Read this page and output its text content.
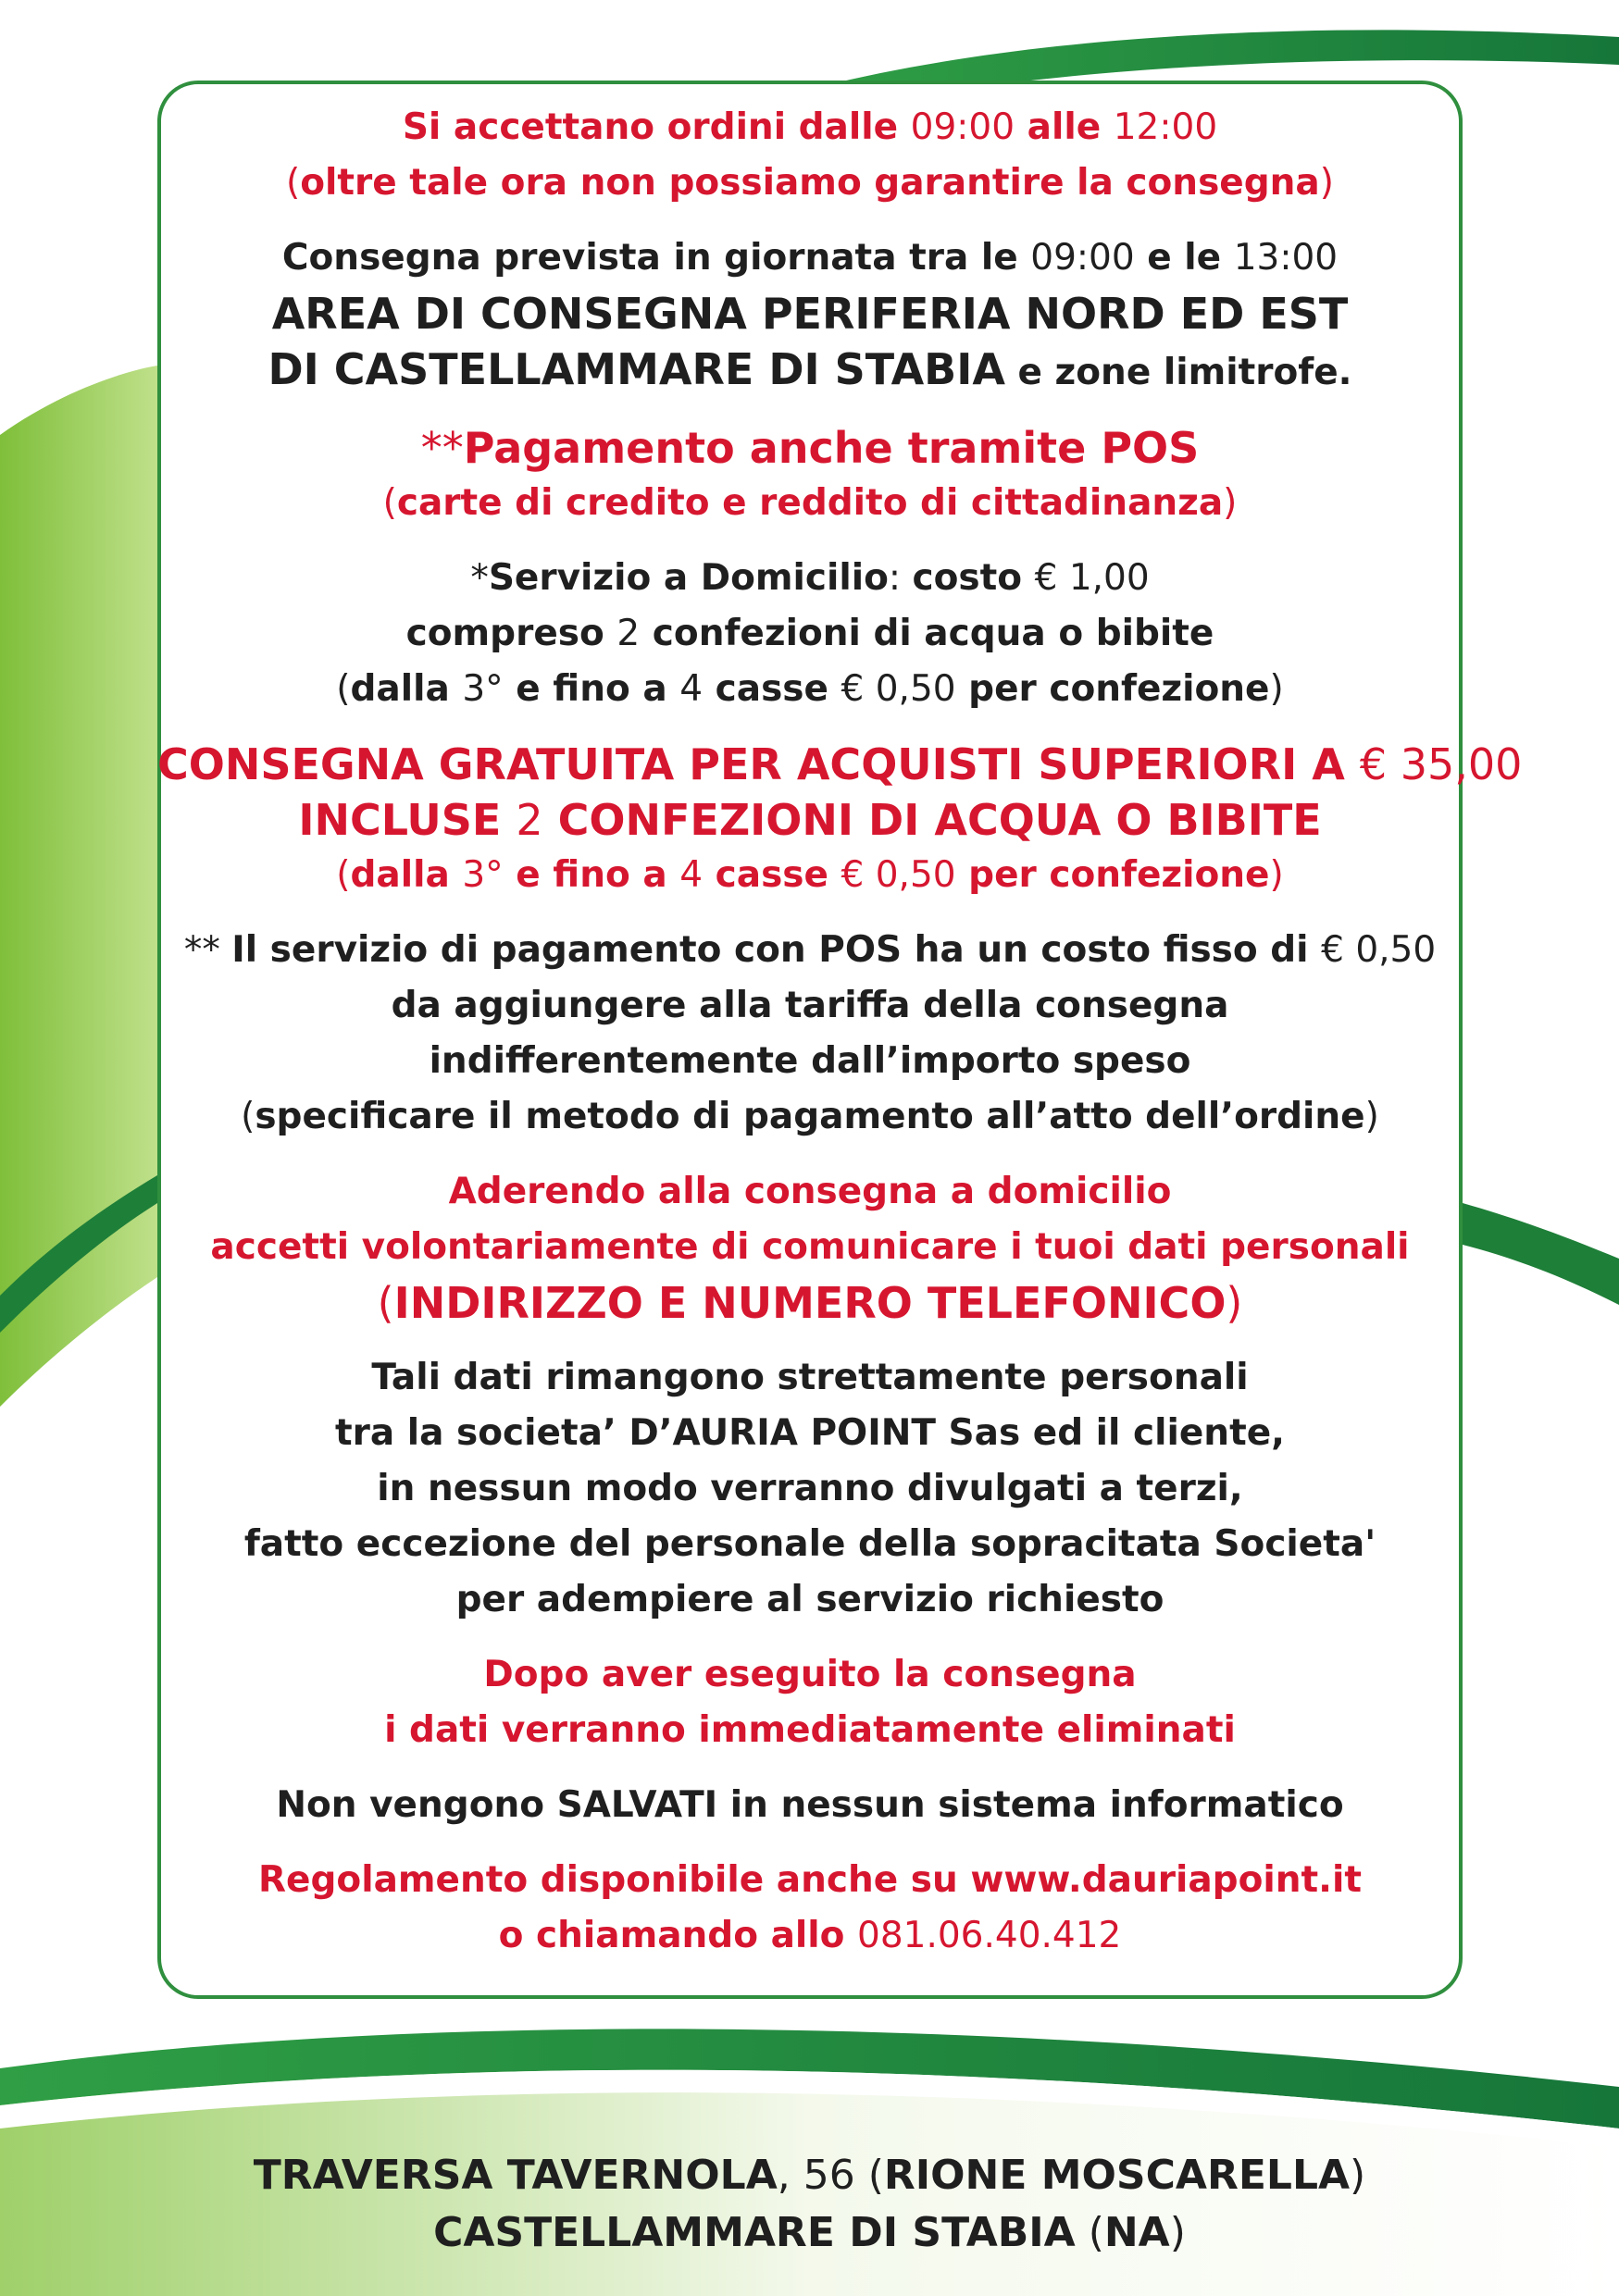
Si accettano ordini dalle 09:00 alle 12:00
(oltre tale ora non possiamo garantire la consegna)
Consegna prevista in giornata tra le 09:00 e le 13:00
AREA DI CONSEGNA PERIFERIA NORD ED EST
DI CASTELLAMMARE DI STABIA e zone limitrofe.
**Pagamento anche tramite POS
(carte di credito e reddito di cittadinanza)
*Servizio a Domicilio: costo € 1,00
compreso 2 confezioni di acqua o bibite
(dalla 3° e fino a 4 casse € 0,50 per confezione)
CONSEGNA GRATUITA PER ACQUISTI SUPERIORI A € 35,00
INCLUSE 2 CONFEZIONI DI ACQUA O BIBITE
(dalla 3° e fino a 4 casse € 0,50 per confezione)
** Il servizio di pagamento con POS ha un costo fisso di € 0,50
da aggiungere alla tariffa della consegna
indifferentemente dall’importo speso
(specificare il metodo di pagamento all’atto dell’ordine)
Aderendo alla consegna a domicilio
accetti volontariamente di comunicare i tuoi dati personali
(INDIRIZZO E NUMERO TELEFONICO)
Tali dati rimangono strettamente personali
tra la societa’ D’AURIA POINT Sas ed il cliente,
in nessun modo verranno divulgati a terzi,
fatto eccezione del personale della sopracitata Societa'
per adempiere al servizio richiesto
Dopo aver eseguito la consegna
i dati verranno immediatamente eliminati
Non vengono SALVATI in nessun sistema informatico
Regolamento disponibile anche su www.dauriapoint.it
o chiamando allo 081.06.40.412
TRAVERSA TAVERNOLA, 56 (RIONE MOSCARELLA)
CASTELLAMMARE DI STABIA (NA)
